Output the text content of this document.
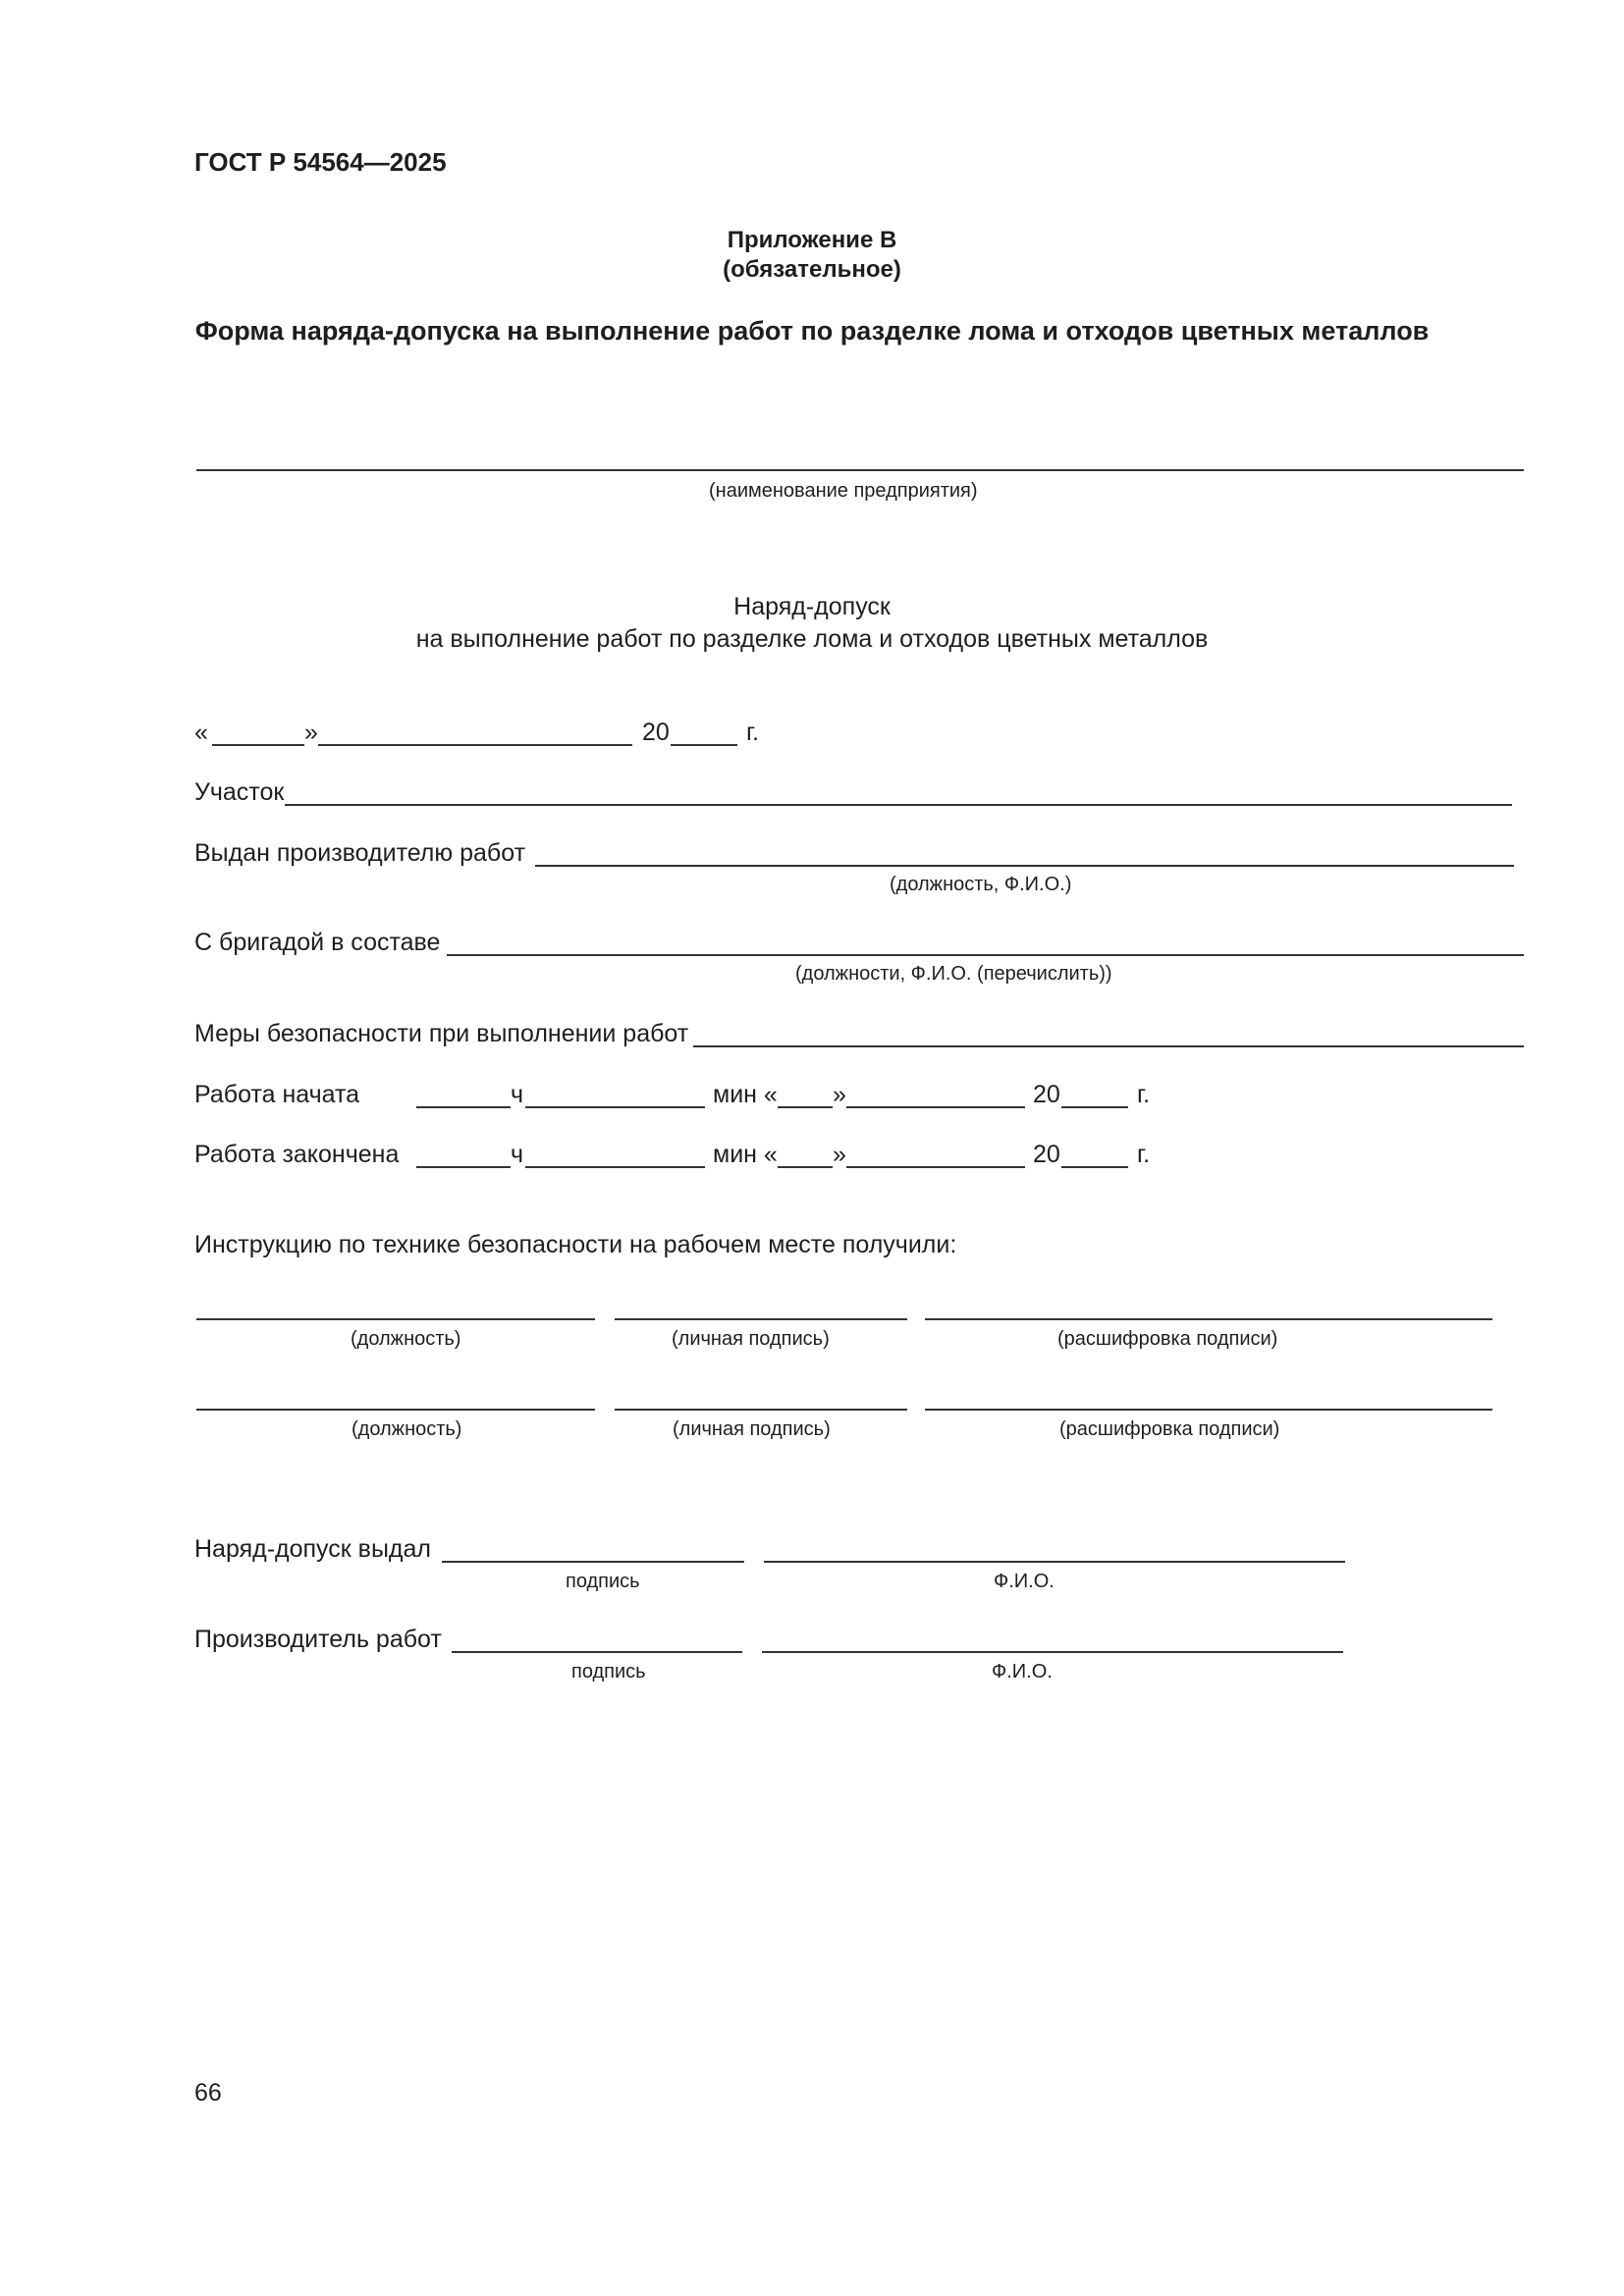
ГОСТ Р 54564—2025
Приложение В
(обязательное)
Форма наряда-допуска на выполнение работ по разделке лома и отходов цветных металлов
(наименование предприятия)
Наряд-допуск
на выполнение работ по разделке лома и отходов цветных металлов
«	»	20	г.
Участок
Выдан производителю работ
(должность, Ф.И.О.)
С бригадой в составе
(должности, Ф.И.О. (перечислить))
Меры безопасности при выполнении работ
Работа начата	ч	мин « »	20	г.
Работа закончена	ч	мин « »	20	г.
Инструкцию по технике безопасности на рабочем месте получили:
(должность)	(личная подпись)	(расшифровка подписи)
(должность)	(личная подпись)	(расшифровка подписи)
Наряд-допуск выдал
подпись	Ф.И.О.
Производитель работ
подпись	Ф.И.О.
66
